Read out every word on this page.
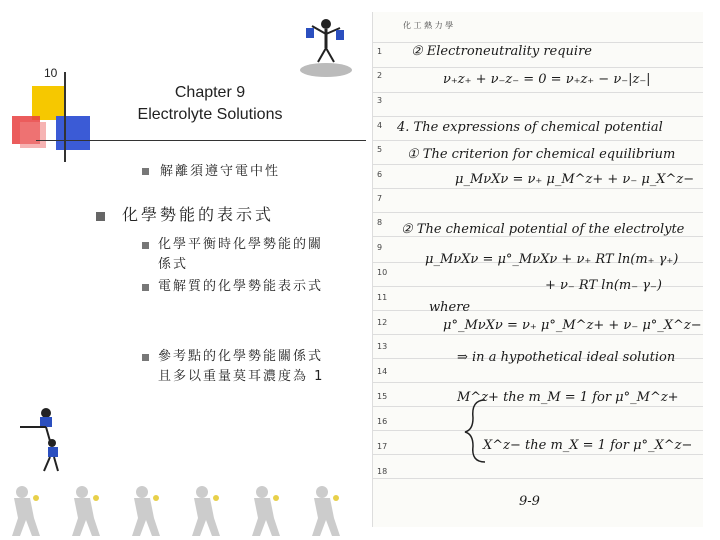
10
Chapter 9
Electrolyte Solutions
解離須遵守電中性
化學勢能的表示式
化學平衡時化學勢能的關
係式
電解質的化學勢能表示式
參考點的化學勢能關係式
且多以重量莫耳濃度為 1
化 工 熱 力 學
1
2
3
4
5
6
7
8
9
10
11
12
13
14
15
16
17
18
② Electroneutrality require
ν₊z₊ + ν₋z₋ = 0 = ν₊z₊ − ν₋|z₋|
4. The expressions of chemical potential
① The criterion for chemical equilibrium
μ_MνXν = ν₊ μ_M^z+ + ν₋ μ_X^z−
② The chemical potential of the electrolyte
μ_MνXν = μ°_MνXν + ν₊ RT ln(m₊ γ₊)
+ ν₋ RT ln(m₋ γ₋)
where
μ°_MνXν = ν₊ μ°_M^z+ + ν₋ μ°_X^z−
⇒ in a hypothetical ideal solution
M^z+ the m_M = 1 for μ°_M^z+
X^z− the m_X = 1 for μ°_X^z−
9-9
